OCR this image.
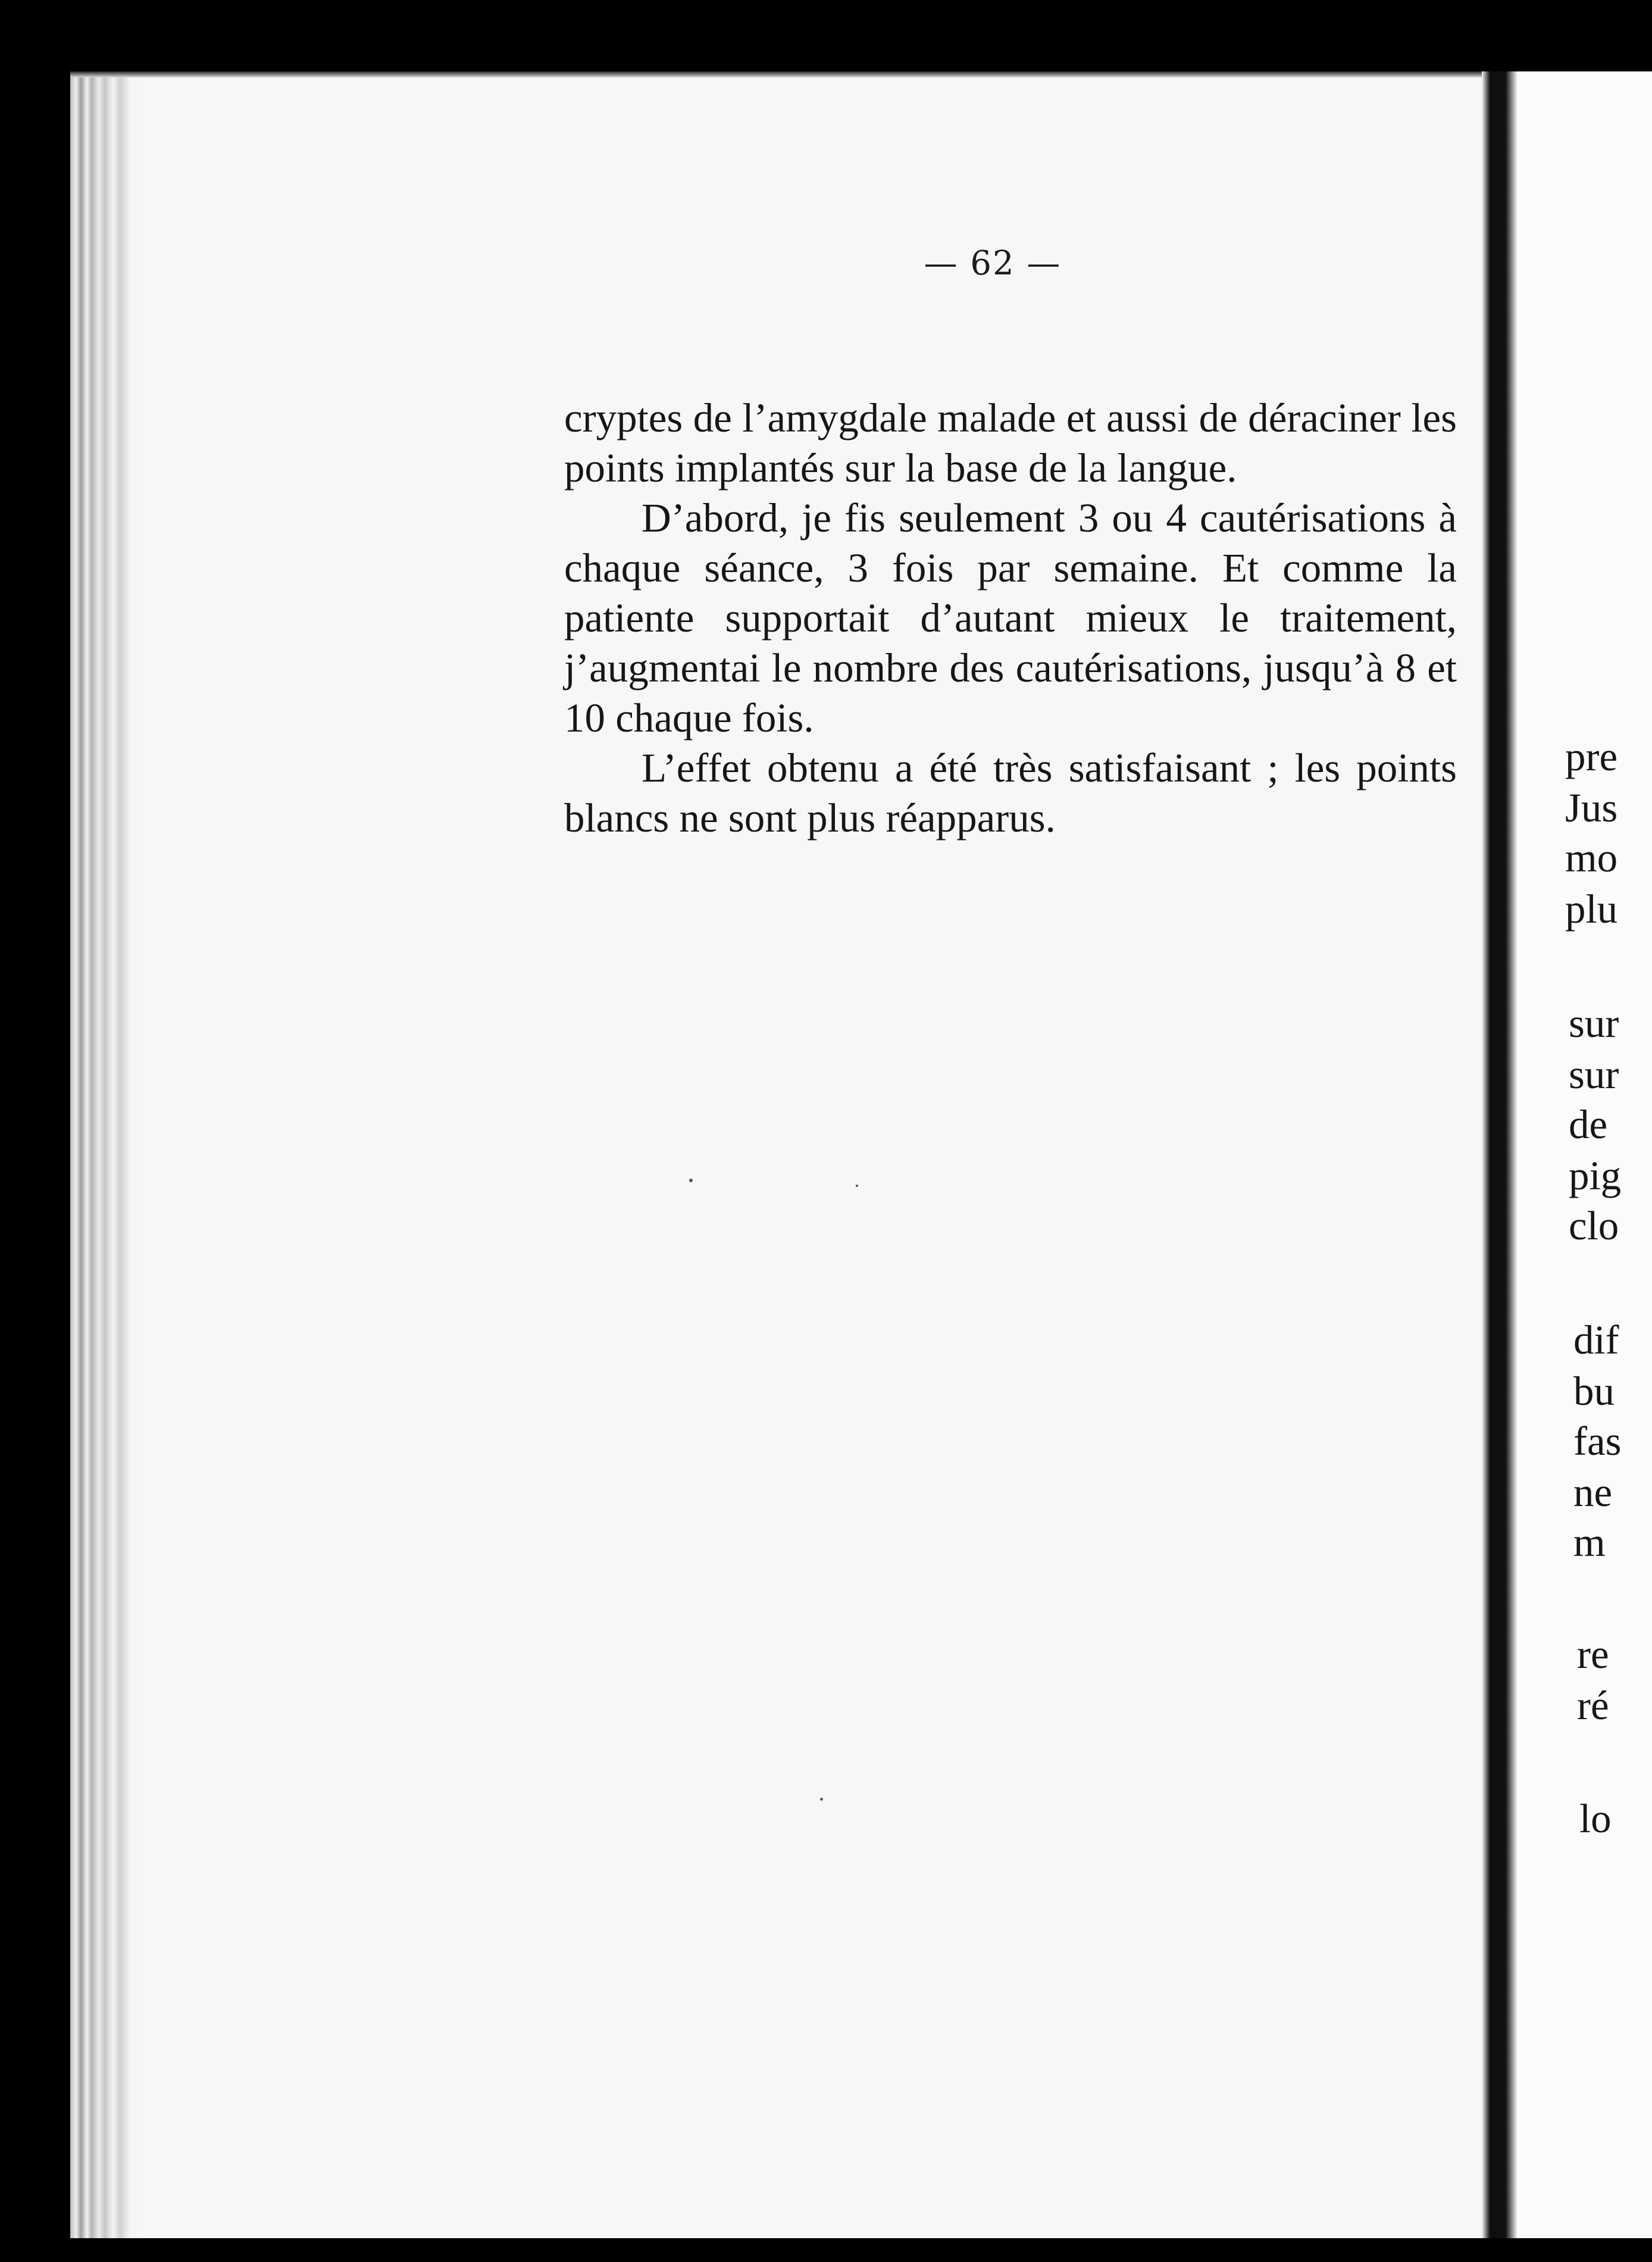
— 62 —

cryptes de l’amygdale malade et aussi de déraciner les points implantés sur la base de la langue.

D’abord, je fis seulement 3 ou 4 cautérisations à chaque séance, 3 fois par semaine. Et comme la patiente supportait d’autant mieux le traitement, j’augmentai le nombre des cautérisations, jusqu’à 8 et 10 chaque fois.

L’effet obtenu a été très satisfaisant ; les points blancs ne sont plus réapparus.

pre
Jus
mo
plu
sur
sur
de
pig
clo
dif
bu
fas
ne
m
re
ré
lo
